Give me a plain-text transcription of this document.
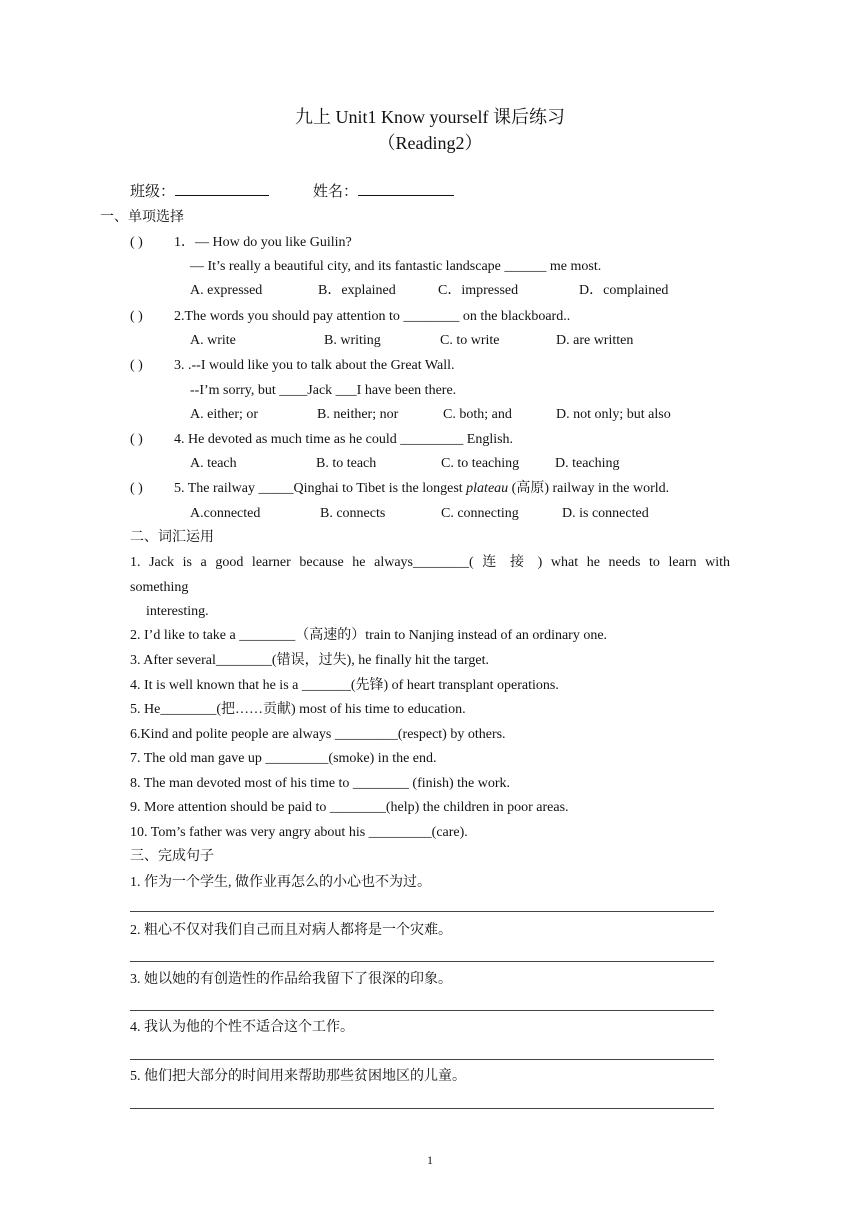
九上 Unit1 Know yourself 课后练习
（Reading2）
班级：	姓名：
一、单项选择
( ) 1．— How do you like Guilin?
— It’s really a beautiful city, and its fantastic landscape ______ me most.
A. expressed	B．explained	C．impressed	D．complained
( ) 2.The words you should pay attention to ________ on the blackboard..
A. write	B. writing	C. to write	D. are written
( ) 3. .--I would like you to talk about the Great Wall.
--I’m sorry, but ____Jack ___I have been there.
A. either; or	B. neither; nor	C. both; and	D. not only; but also
( ) 4. He devoted as much time as he could _________ English.
A. teach	B. to teach	C. to teaching	D. teaching
( ) 5. The railway _____Qinghai to Tibet is the longest plateau (高原) railway in the world.
A.connected	B. connects	C. connecting	D. is connected
二、词汇运用
1. Jack is a good learner because he always________( 连 接 ) what he needs to learn with
something
interesting.
2. I’d like to take a ________（高速的）train to Nanjing instead of an ordinary one.
3. After several________(错误，过失), he finally hit the target.
4. It is well known that he is a _______(先锋) of heart transplant operations.
5. He________(把……贡献) most of his time to education.
6.Kind and polite people are always _________(respect) by others.
7. The old man gave up _________(smoke) in the end.
8. The man devoted most of his time to ________ (finish) the work.
9. More attention should be paid to ________(help) the children in poor areas.
10. Tom’s father was very angry about his _________(care).
三、完成句子
1. 作为一个学生, 做作业再怎么的小心也不为过。
2. 粗心不仅对我们自己而且对病人都将是一个灾难。
3. 她以她的有创造性的作品给我留下了很深的印象。
4. 我认为他的个性不适合这个工作。
5. 他们把大部分的时间用来帮助那些贫困地区的儿童。
1
